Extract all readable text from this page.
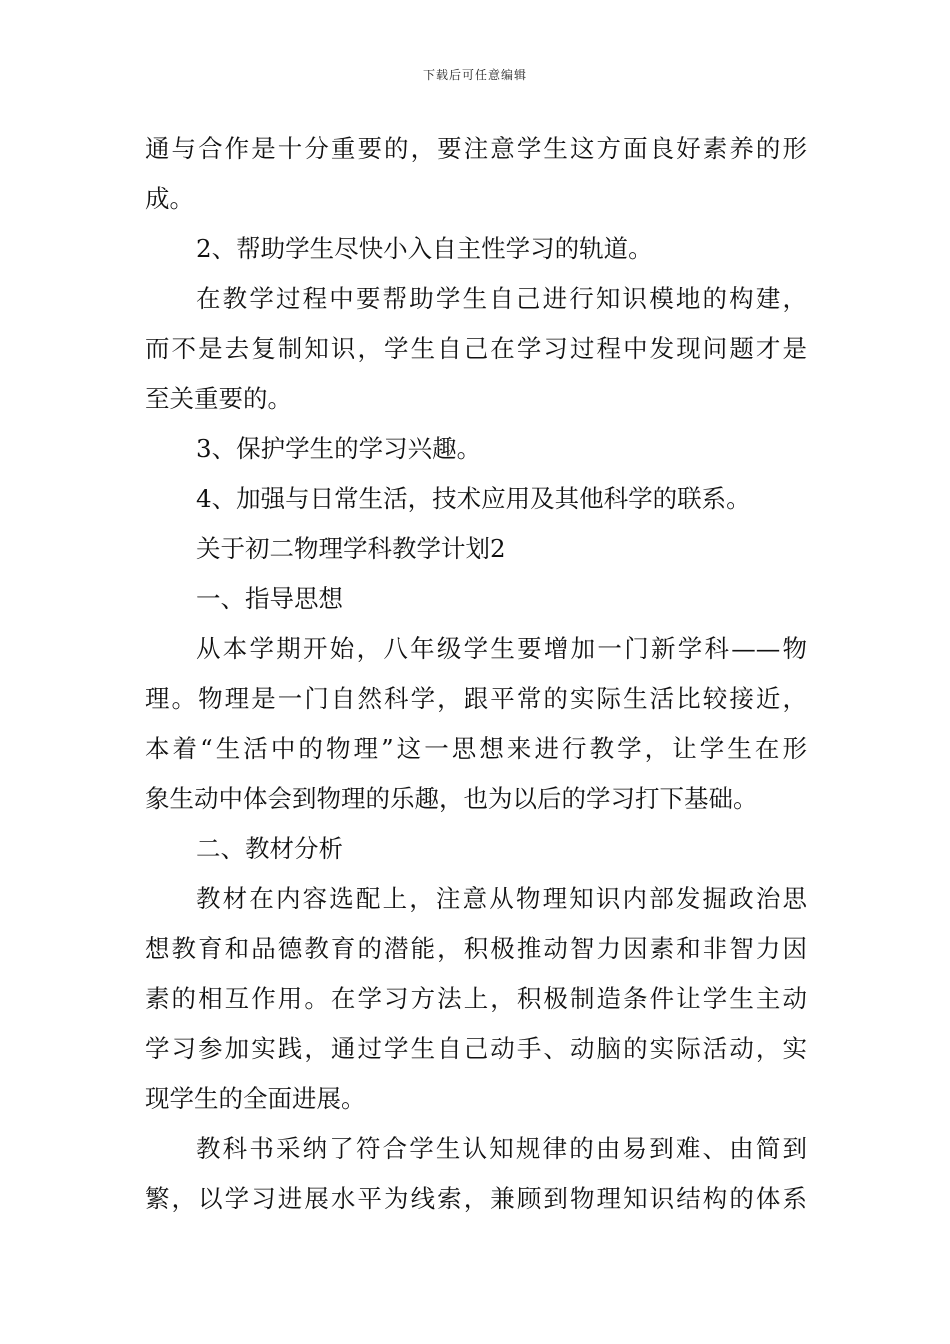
下载后可任意编辑
通与合作是十分重要的，要注意学生这方面良好素养的形
成。
2、帮助学生尽快小入自主性学习的轨道。
在教学过程中要帮助学生自己进行知识模地的构建，
而不是去复制知识，学生自己在学习过程中发现问题才是
至关重要的。
3、保护学生的学习兴趣。
4、加强与日常生活，技术应用及其他科学的联系。
关于初二物理学科教学计划2
一、指导思想
从本学期开始，八年级学生要增加一门新学科——物
理。物理是一门自然科学，跟平常的实际生活比较接近，
本着“生活中的物理”这一思想来进行教学，让学生在形
象生动中体会到物理的乐趣，也为以后的学习打下基础。
二、教材分析
教材在内容选配上，注意从物理知识内部发掘政治思
想教育和品德教育的潜能，积极推动智力因素和非智力因
素的相互作用。在学习方法上，积极制造条件让学生主动
学习参加实践，通过学生自己动手、动脑的实际活动，实
现学生的全面进展。
教科书采纳了符合学生认知规律的由易到难、由简到
繁，以学习进展水平为线索，兼顾到物理知识结构的体系
